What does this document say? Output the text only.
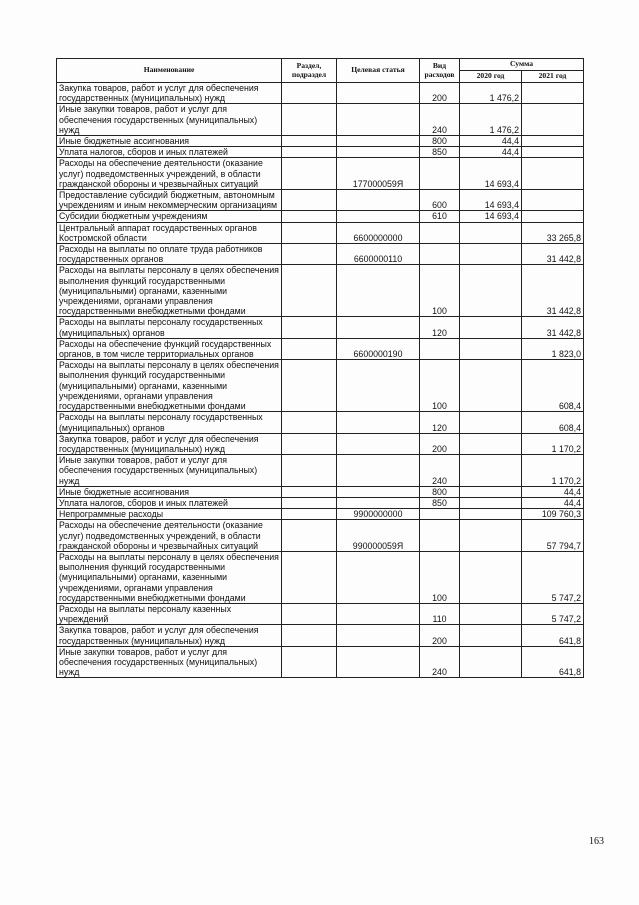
Наименование	Раздел, подраздел	Целевая статья	Вид расходов	Сумма	
				2020 год	2021 год
Закупка товаров, работ и услуг для обеспечения государственных (муниципальных) нужд			200	1 476,2	
Иные закупки товаров, работ и услуг для обеспечения государственных (муниципальных) нужд			240	1 476,2	
Иные бюджетные ассигнования			800	44,4	
Уплата налогов, сборов и иных платежей			850	44,4	
Расходы на обеспечение деятельности (оказание услуг) подведомственных учреждений, в области гражданской обороны и чрезвычайных ситуаций		177000059Я		14 693,4	
Предоставление субсидий бюджетным, автономным учреждениям и иным некоммерческим организациям			600	14 693,4	
Субсидии бюджетным учреждениям			610	14 693,4	
Центральный аппарат государственных органов Костромской области		6600000000			33 265,8
Расходы на выплаты по оплате труда работников государственных органов		6600000110			31 442,8
Расходы на выплаты персоналу в целях обеспечения выполнения функций государственными (муниципальными) органами, казенными учреждениями, органами управления государственными внебюджетными фондами			100		31 442,8
Расходы на выплаты персоналу государственных (муниципальных) органов			120		31 442,8
Расходы на обеспечение функций государственных органов, в том числе территориальных органов		6600000190			1 823,0
Расходы на выплаты персоналу в целях обеспечения выполнения функций государственными (муниципальными) органами, казенными учреждениями, органами управления государственными внебюджетными фондами			100		608,4
Расходы на выплаты персоналу государственных (муниципальных) органов			120		608,4
Закупка товаров, работ и услуг для обеспечения государственных (муниципальных) нужд			200		1 170,2
Иные закупки товаров, работ и услуг для обеспечения государственных (муниципальных) нужд			240		1 170,2
Иные бюджетные ассигнования			800		44,4
Уплата налогов, сборов и иных платежей			850		44,4
Непрограммные расходы		9900000000			109 760,3
Расходы на обеспечение деятельности (оказание услуг) подведомственных учреждений, в области гражданской обороны и чрезвычайных ситуаций		990000059Я			57 794,7
Расходы на выплаты персоналу в целях обеспечения выполнения функций государственными (муниципальными) органами, казенными учреждениями, органами управления государственными внебюджетными фондами			100		5 747,2
Расходы на выплаты персоналу казенных учреждений			110		5 747,2
Закупка товаров, работ и услуг для обеспечения государственных (муниципальных) нужд			200		641,8
Иные закупки товаров, работ и услуг для обеспечения государственных (муниципальных) нужд			240		641,8
163
